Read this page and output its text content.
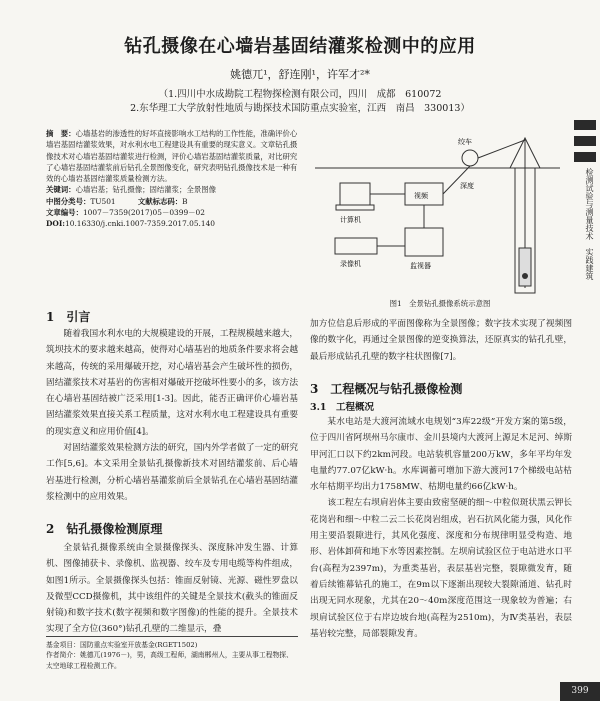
钻孔摄像在心墙岩基固结灌浆检测中的应用
姚德兀¹，舒连刚¹，许军才²*
（1.四川中水成勘院工程物探检测有限公司，四川　成都　610072
2.东华理工大学放射性地质与勘探技术国防重点实验室，江西　南昌　330013）

摘　要：心墙基岩的渗透性的好坏直接影响水工结构的工作性能，准确评价心墙岩基固结灌浆效果，对水利水电工程建设具有重要的现实意义。文章钻孔摄像技术对心墙岩基固结灌浆进行检测，评价心墙岩基固结灌浆质量，对比研究了心墙岩基固结灌浆前后钻孔全景图像变化，研究表明钻孔摄像技术是一种有效的心墙岩基固结灌浆质量检测方法。

关键词：心墙岩基；钻孔摄像；固结灌浆；全景图像

中图分类号：TU501　　　	文献标志码：B

文章编号：1007－7359(2017)05－0399－02

DOI:10.16330/j.cnki.1007-7359.2017.05.140

1　引言

随着我国水利水电的大规模建设的开展，工程规模越来越大，筑坝技术的要求越来越高，使得对心墙基岩的地质条件要求将会越来越高，传统的采用爆破开挖，对心墙岩基会产生破坏性的损伤，固结灌浆技术对基岩的伤害相对爆破开挖破坏性要小的多，该方法在心墙岩基固结被广泛采用[1-3]。因此，能否正确评价心墙岩基固结灌浆效果直接关系工程质量，这对水利水电工程建设具有重要的现实意义和应用价值[4]。

对固结灌浆效果检测方法的研究，国内外学者做了一定的研究工作[5,6]。本文采用全景钻孔摄像新技术对固结灌浆前、后心墙岩基进行检测，分析心墙岩基灌浆前后全景钻孔在心墙岩基固结灌浆检测中的应用效果。

2　钻孔摄像检测原理

全景钻孔摄像系统由全景摄像探头、深度脉冲发生器、计算机、图像捕获卡、录像机、监视器、绞车及专用电缆等构件组成，如图1所示。全景摄像探头包括：锥面反射镜、光源、磁性罗盘以及微型CCD摄像机，其中该组件的关键是全景技术(截头的锥面反射镜)和数字技术(数字视频和数字图像)的性能的提升。全景技术实现了全方位(360°)钻孔孔壁的二维显示，叠

基金项目：国防重点实验室开放基金(RGET1502)
作者简介：姚德兀(1976－)，男，高级工程师，湖南郴州人，主要从事工程物探、太空地球工程检测工作。
绞车
计算机
录像机	监视器
视频
深度
图1　全景钻孔摄像系统示意图

加方位信息后形成的平面图像称为全景图像；数字技术实现了视频图像的数字化，再通过全景图像的逆变换算法，还原真实的钻孔孔壁，最后形成钻孔孔壁的数字柱状图像[7]。

3　工程概况与钻孔摄像检测
3.1　工程概况

某水电站是大渡河流域水电规划“3库22级”开发方案的第5级，位于四川省阿坝州马尔康市、金川县境内大渡河上源足木足河、绰斯甲河汇口以下约2km河段。电站装机容量200万kW，多年平均年发电量约77.07亿kW·h。水库调蓄可增加下游大渡河17个梯级电站枯水年枯期平均出力1758MW、枯期电量约66亿kW·h。

该工程左右坝肩岩体主要由致密坚硬的细～中粒似斑状黑云钾长花岗岩和细～中粒二云二长花岗岩组成，岩石抗风化能力强，风化作用主要沿裂隙进行，其风化强度、深度和分布规律明显受构造、地形、岩体卸荷和地下水等因素控制。左坝肩试验区位于电站进水口平台(高程为2397m)，为重类基岩，表层基岩完整，裂隙微发育，随着后续锥幕钻孔的施工，在9m以下逐渐出现较大裂隙涌道、钻孔时出现无同水现象，尤其在20～40m深度范围这一现象较为普遍；右坝肩试验区位于右岸边坡台地(高程为2510m)，为Ⅳ类基岩，表层基岩较完整，局部裂隙发育。

检测试验与测量技术　实践建筑
399
